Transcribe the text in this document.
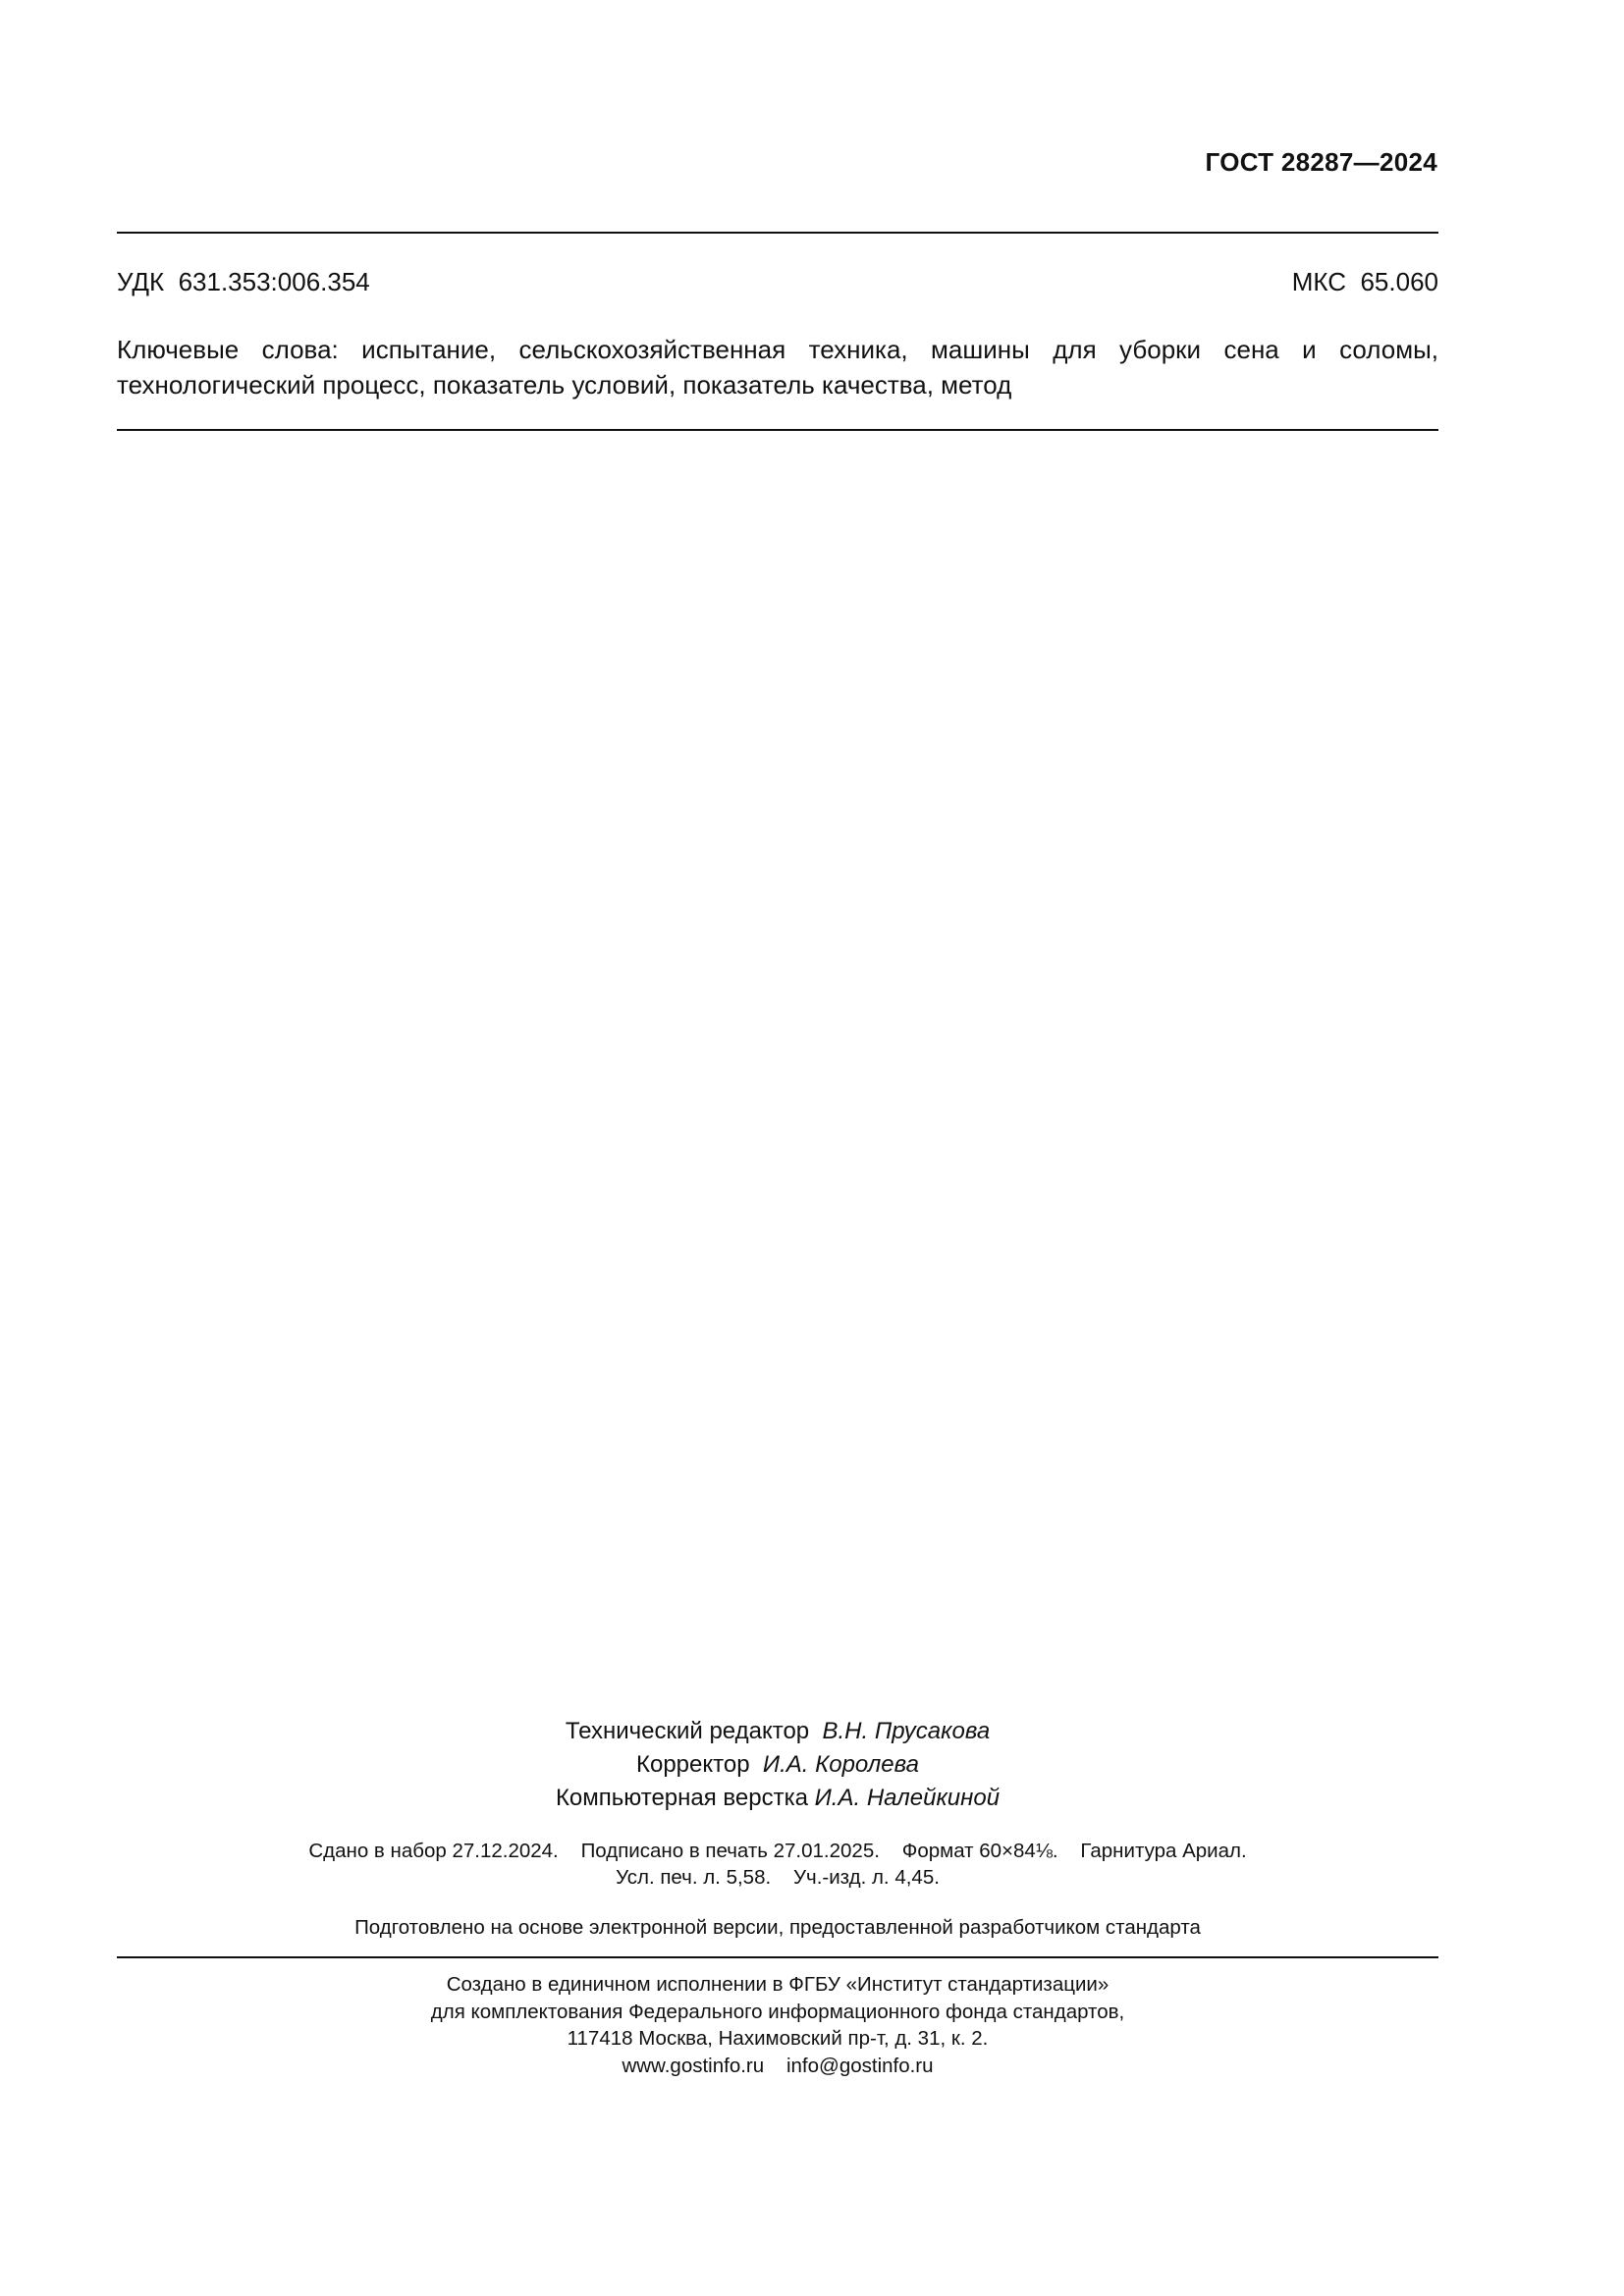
ГОСТ 28287—2024
УДК 631.353:006.354	МКС 65.060
Ключевые слова: испытание, сельскохозяйственная техника, машины для уборки сена и соломы,
технологический процесс, показатель условий, показатель качества, метод
Технический редактор В.Н. Прусакова
Корректор И.А. Королева
Компьютерная верстка И.А. Налейкиной
Сдано в набор 27.12.2024. Подписано в печать 27.01.2025. Формат 60×84⅛. Гарнитура Ариал.
Усл. печ. л. 5,58. Уч.-изд. л. 4,45.
Подготовлено на основе электронной версии, предоставленной разработчиком стандарта
Создано в единичном исполнении в ФГБУ «Институт стандартизации»
для комплектования Федерального информационного фонда стандартов,
117418 Москва, Нахимовский пр-т, д. 31, к. 2.
www.gostinfo.ru info@gostinfo.ru
